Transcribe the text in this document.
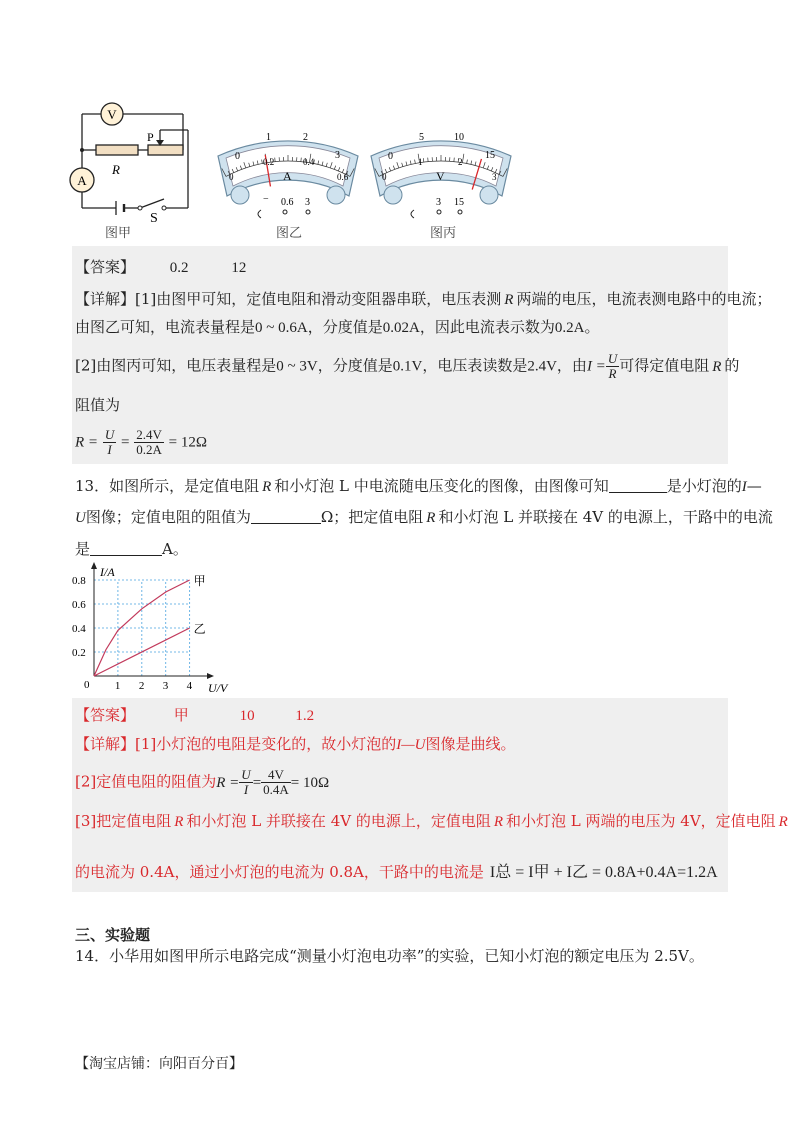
V
A
R
P
S
图甲
0
1	2
3
0
0.2	0.4
0.6
A
− 0.6 3
图乙
0
5	10
15
0
1	2
3
V
− 3 15
图丙
【答案】 0.2	12
【详解】[1]由图甲可知，定值电阻和滑动变阻器串联，电压表测 R 两端的电压，电流表测电路中的电流；
由图乙可知，电流表量程是0 ~ 0.6A，分度值是0.02A，因此电流表示数为0.2A。
[2]由图丙可知，电压表量程是0 ~ 3V，分度值是0.1V，电压表读数是2.4V，由$I = \frac{U}{R}$ 可得定值电阻 R 的
阻值为
$R = \frac{U}{I} = \frac{2.4V}{0.2A} = 12\Omega$
13．如图所示，是定值电阻 R 和小灯泡 L 中电流随电压变化的图像，由图像可知	是小灯泡的I—
U图像；定值电阻的阻值为	Ω；把定值电阻 R 和小灯泡 L 并联接在 4V 的电源上，干路中的电流
是	A。
1 2 3 4
0.2
0.4
0.6
0.8
0
I/A
U/V
甲
乙
【答案】	甲	10	1.2
【详解】[1]小灯泡的电阻是变化的，故小灯泡的I—U图像是曲线。
[2]定值电阻的阻值为$R = \frac{U}{I} = \frac{4V}{0.4A} = 10\Omega$
[3]把定值电阻 R 和小灯泡 L 并联接在 4V 的电源上，定值电阻 R 和小灯泡 L 两端的电压为 4V，定值电阻 R
的电流为 0.4A，通过小灯泡的电流为 0.8A，干路中的电流是 I总 = I甲 + I乙 = 0.8A+0.4A=1.2A
三、实验题
14．小华用如图甲所示电路完成“测量小灯泡电功率”的实验，已知小灯泡的额定电压为 2.5V。
【淘宝店铺：向阳百分百】
